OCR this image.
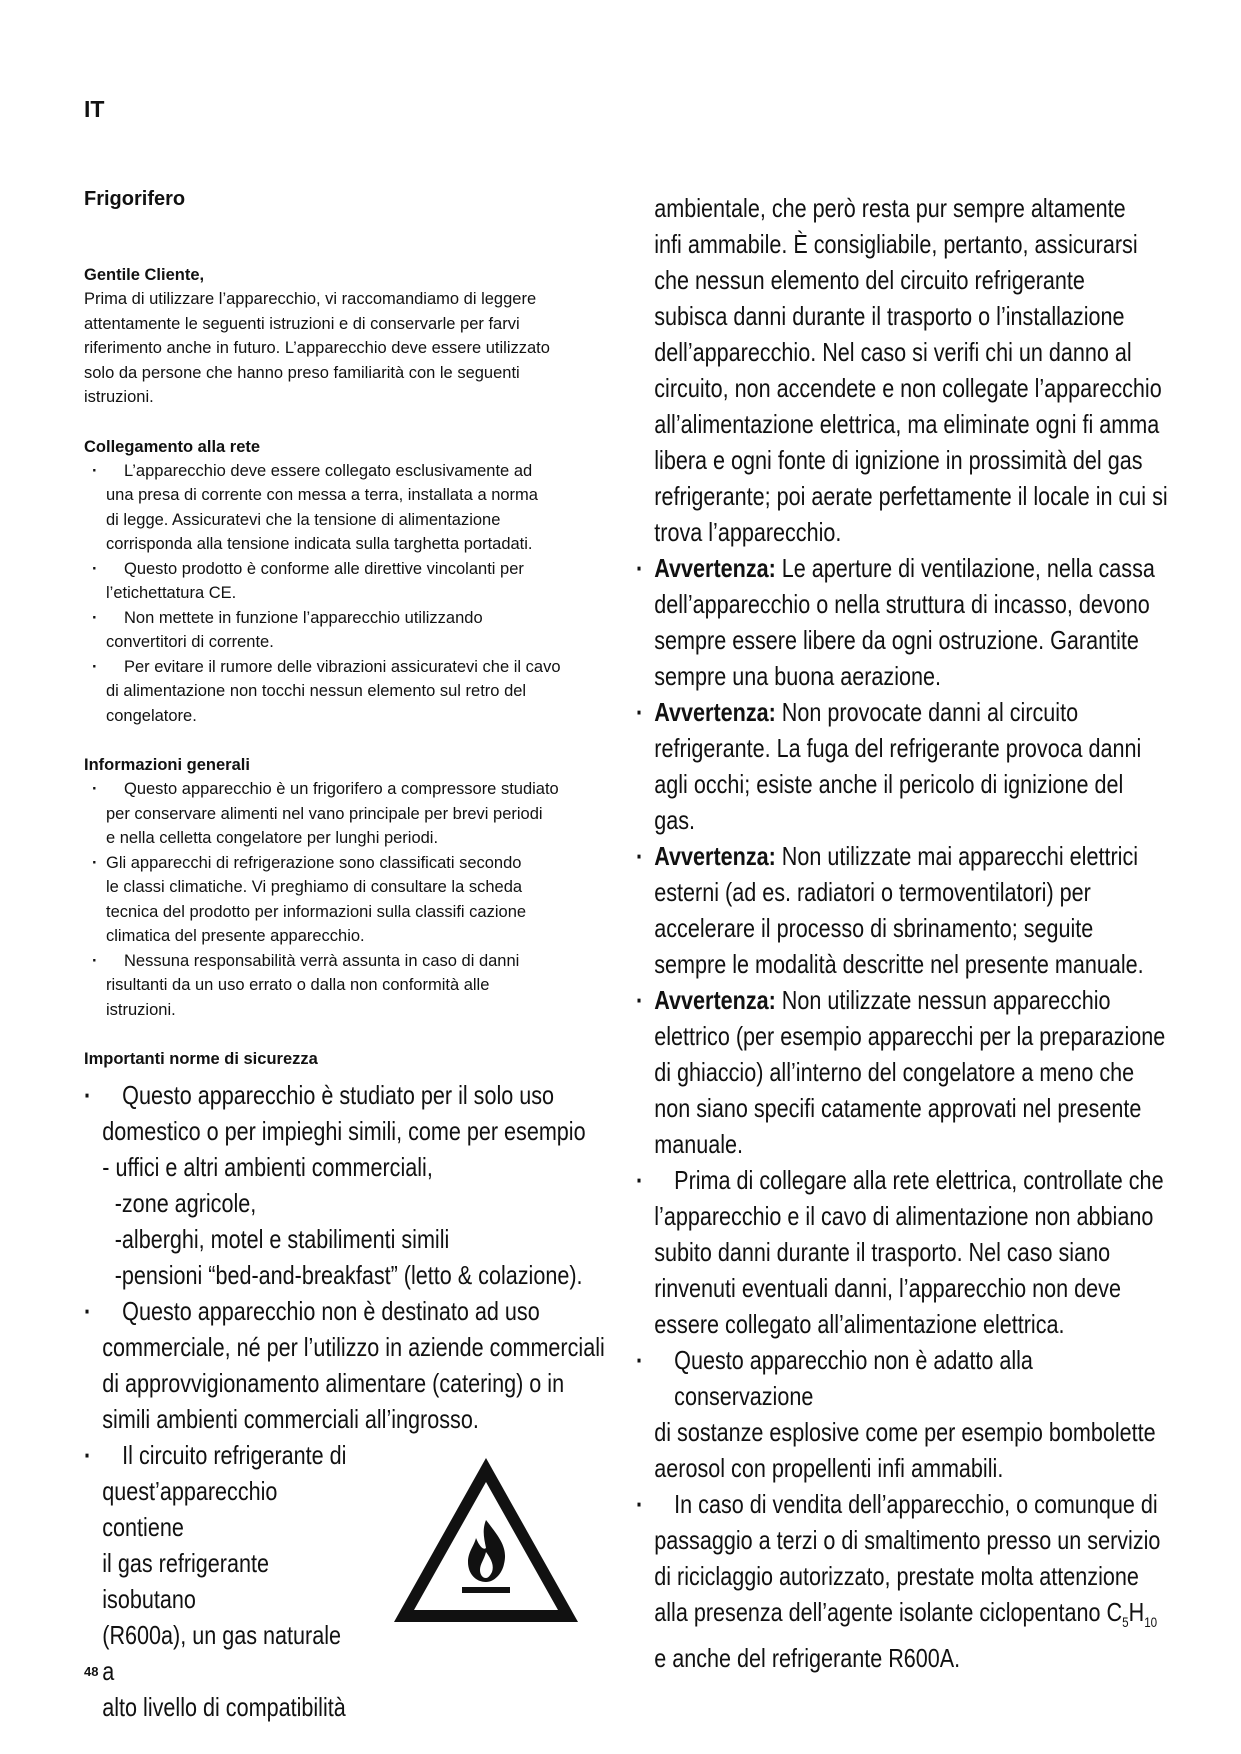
IT
Frigorifero
Gentile Cliente,
Prima di utilizzare l’apparecchio, vi raccomandiamo di leggere
attentamente le seguenti istruzioni e di conservarle per farvi
riferimento anche in futuro. L’apparecchio deve essere utilizzato
solo da persone che hanno preso familiarità con le seguenti
istruzioni.
Collegamento alla rete
· L’apparecchio deve essere collegato esclusivamente ad
una presa di corrente con messa a terra, installata a norma
di legge. Assicuratevi che la tensione di alimentazione
corrisponda alla tensione indicata sulla targhetta portadati.
· Questo prodotto è conforme alle direttive vincolanti per
l’etichettatura CE.
· Non mettete in funzione l’apparecchio utilizzando
convertitori di corrente.
· Per evitare il rumore delle vibrazioni assicuratevi che il cavo
di alimentazione non tocchi nessun elemento sul retro del
congelatore.
Informazioni generali
· Questo apparecchio è un frigorifero a compressore studiato
per conservare alimenti nel vano principale per brevi periodi
e nella celletta congelatore per lunghi periodi.
· Gli apparecchi di refrigerazione sono classificati secondo
le classi climatiche. Vi preghiamo di consultare la scheda
tecnica del prodotto per informazioni sulla classifi cazione
climatica del presente apparecchio.
· Nessuna responsabilità verrà assunta in caso di danni
risultanti da un uso errato o dalla non conformità alle
istruzioni.
Importanti norme di sicurezza
· Questo apparecchio è studiato per il solo uso
domestico o per impieghi simili, come per esempio
- uffici e altri ambienti commerciali,
-zone agricole,
-alberghi, motel e stabilimenti simili
-pensioni “bed-and-breakfast” (letto & colazione).
· Questo apparecchio non è destinato ad uso
commerciale, né per l’utilizzo in aziende commerciali
di approvvigionamento alimentare (catering) o in
simili ambienti commerciali all’ingrosso.
· Il circuito refrigerante di
quest’apparecchio contiene
il gas refrigerante isobutano
(R600a), un gas naturale a
alto livello di compatibilità
ambientale, che però resta pur sempre altamente
infi ammabile. È consigliabile, pertanto, assicurarsi
che nessun elemento del circuito refrigerante
subisca danni durante il trasporto o l’installazione
dell’apparecchio. Nel caso si verifi chi un danno al
circuito, non accendete e non collegate l’apparecchio
all’alimentazione elettrica, ma eliminate ogni fi amma
libera e ogni fonte di ignizione in prossimità del gas
refrigerante; poi aerate perfettamente il locale in cui si
trova l’apparecchio.
· Avvertenza: Le aperture di ventilazione, nella cassa
dell’apparecchio o nella struttura di incasso, devono
sempre essere libere da ogni ostruzione. Garantite
sempre una buona aerazione.
· Avvertenza: Non provocate danni al circuito
refrigerante. La fuga del refrigerante provoca danni
agli occhi; esiste anche il pericolo di ignizione del
gas.
· Avvertenza: Non utilizzate mai apparecchi elettrici
esterni (ad es. radiatori o termoventilatori) per
accelerare il processo di sbrinamento; seguite
sempre le modalità descritte nel presente manuale.
· Avvertenza: Non utilizzate nessun apparecchio
elettrico (per esempio apparecchi per la preparazione
di ghiaccio) all’interno del congelatore a meno che
non siano specifi catamente approvati nel presente
manuale.
· Prima di collegare alla rete elettrica, controllate che
l’apparecchio e il cavo di alimentazione non abbiano
subito danni durante il trasporto. Nel caso siano
rinvenuti eventuali danni, l’apparecchio non deve
essere collegato all’alimentazione elettrica.
· Questo apparecchio non è adatto alla conservazione
di sostanze esplosive come per esempio bombolette
aerosol con propellenti infi ammabili.
· In caso di vendita dell’apparecchio, o comunque di
passaggio a terzi o di smaltimento presso un servizio
di riciclaggio autorizzato, prestate molta attenzione
alla presenza dell’agente isolante ciclopentano $C_5H_{10}$
e anche del refrigerante R600A.
48
